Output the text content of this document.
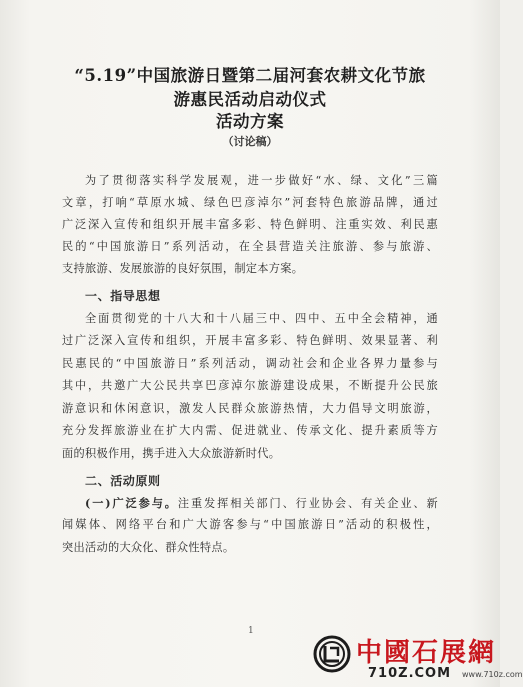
“5.19”中国旅游日暨第二届河套农耕文化节旅
游惠民活动启动仪式
活动方案
（讨论稿）
为了贯彻落实科学发展观，进一步做好“水、绿、文化”三篇
文章，打响“草原水城、绿色巴彦淖尔”河套特色旅游品牌，通过
广泛深入宣传和组织开展丰富多彩、特色鲜明、注重实效、利民惠
民的“中国旅游日”系列活动，在全县营造关注旅游、参与旅游、
支持旅游、发展旅游的良好氛围，制定本方案。
一、指导思想
全面贯彻党的十八大和十八届三中、四中、五中全会精神，通
过广泛深入宣传和组织，开展丰富多彩、特色鲜明、效果显著、利
民惠民的“中国旅游日”系列活动，调动社会和企业各界力量参与
其中，共邀广大公民共享巴彦淖尔旅游建设成果，不断提升公民旅
游意识和休闲意识，激发人民群众旅游热情，大力倡导文明旅游，
充分发挥旅游业在扩大内需、促进就业、传承文化、提升素质等方
面的积极作用，携手进入大众旅游新时代。
二、活动原则
(一)广泛参与。注重发挥相关部门、行业协会、有关企业、新
闻媒体、网络平台和广大游客参与“中国旅游日”活动的积极性，
突出活动的大众化、群众性特点。
1
中國石展網
710Z.COM www.710z.com
